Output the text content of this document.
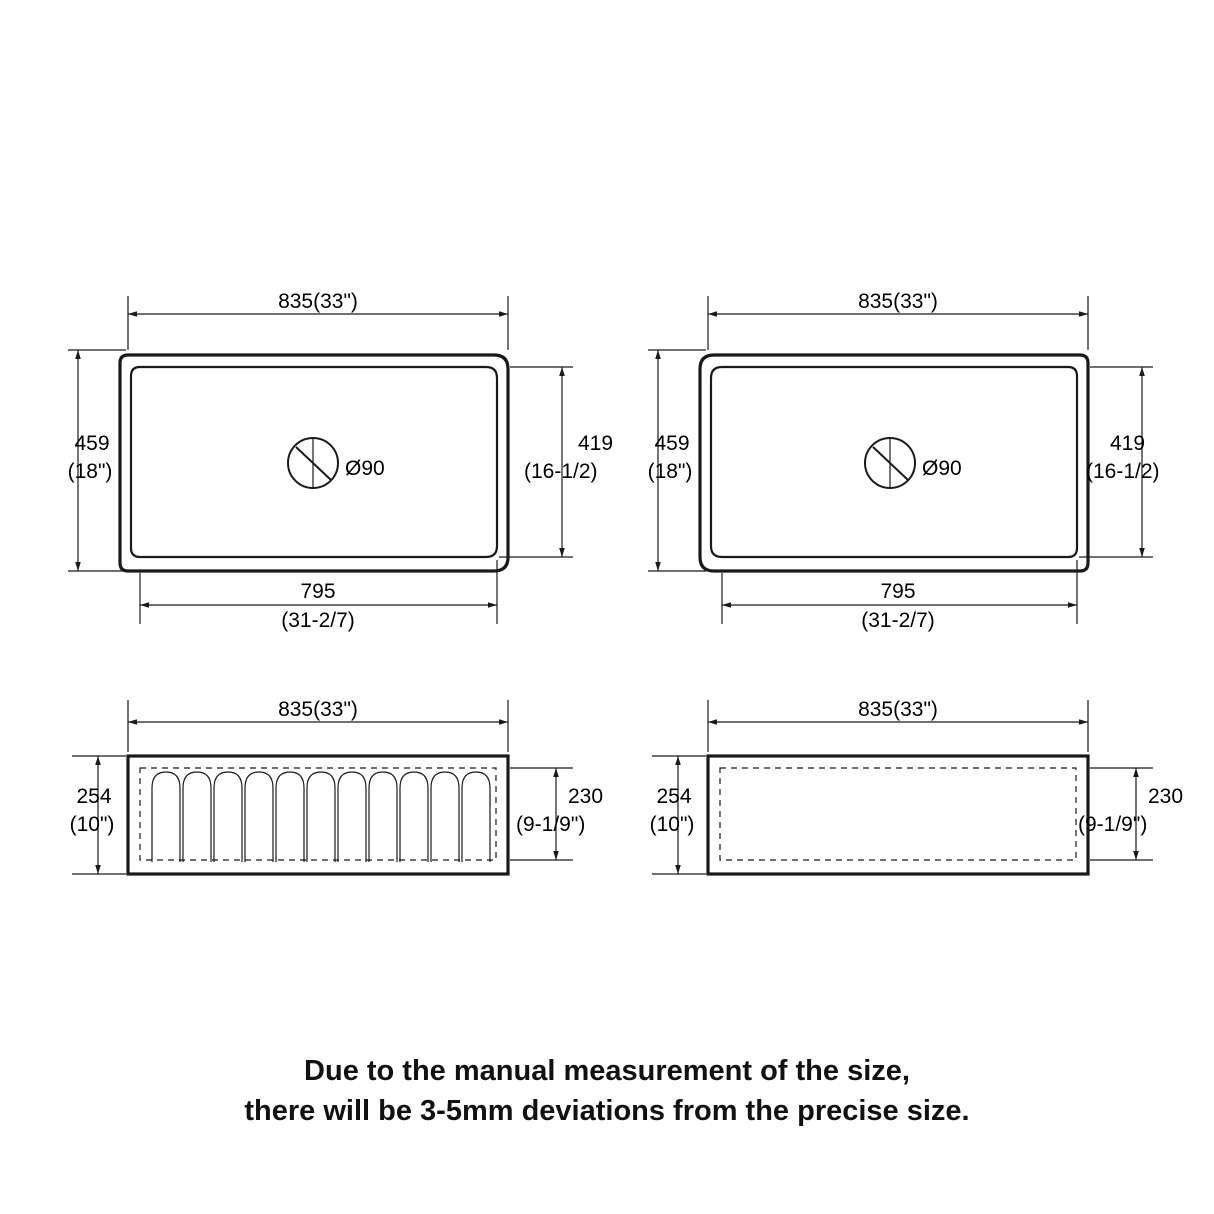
Ø90
835(33")
459
(18")
419
(16-1/2)
795
(31-2/7)
Ø90
835(33")
459
(18")
419
(16-1/2)
795
(31-2/7)
835(33")
254
(10")
230
(9-1/9")
835(33")
254
(10")
230
(9-1/9")
Due to the manual measurement of the size,
there will be 3-5mm deviations from the precise size.
